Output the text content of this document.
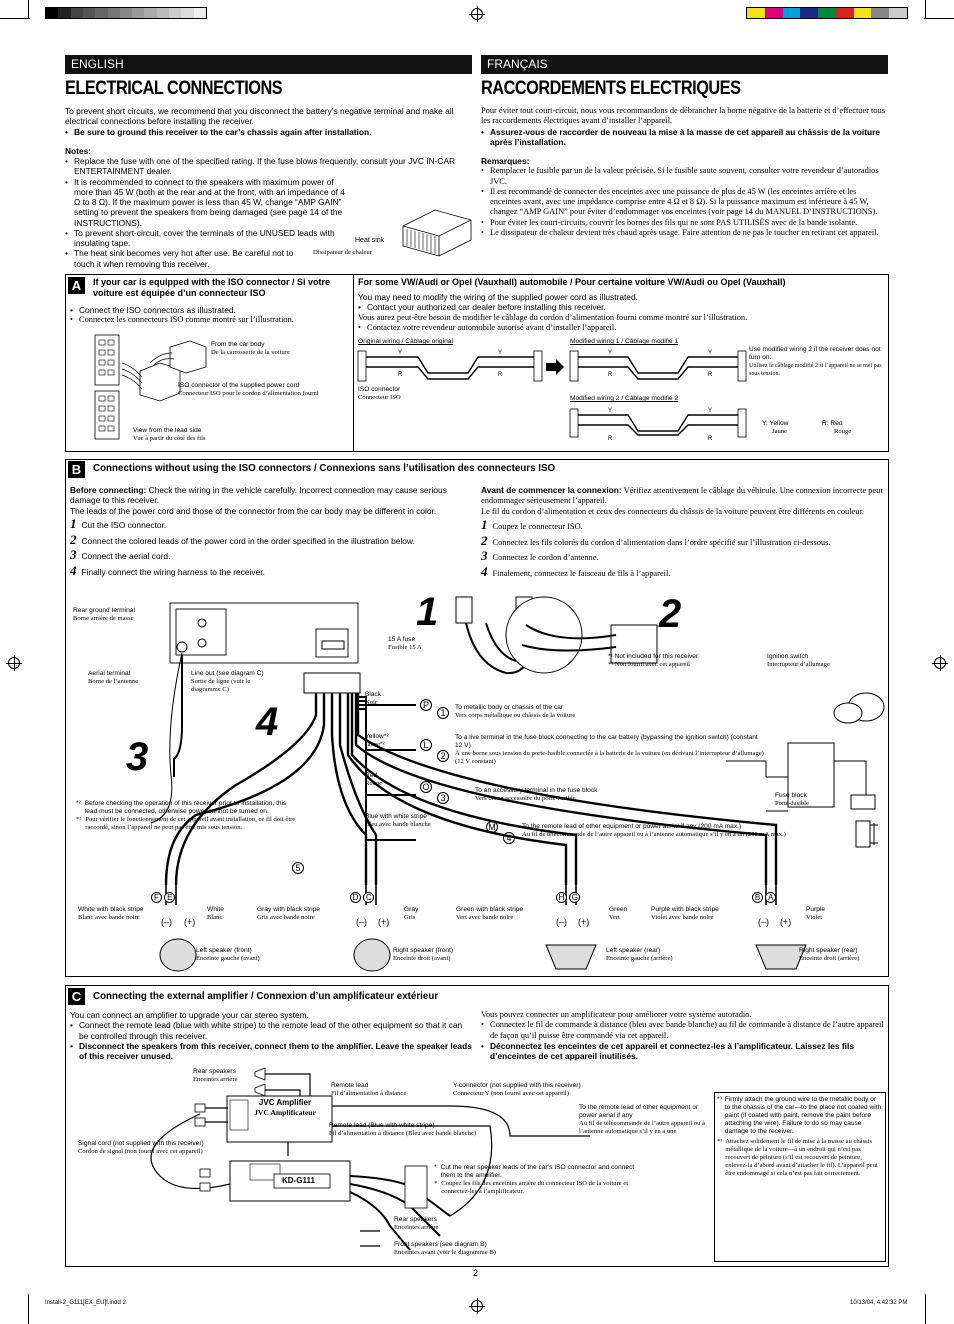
ENGLISH
ELECTRICAL CONNECTIONS
FRANÇAIS
RACCORDEMENTS ELECTRIQUES

To prevent short circuits, we recommend that you disconnect the battery’s negative terminal and make all electrical connections before installing the receiver.

• Be sure to ground this receiver to the car’s chassis again after installation.

Notes:

• Replace the fuse with one of the specified rating. If the fuse blows frequently, consult your JVC IN-CAR ENTERTAINMENT dealer.
• It is recommended to connect to the speakers with maximum power of more than 45 W (both at the rear and at the front, with an impedance of 4 Ω to 8 Ω). If the maximum power is less than 45 W, change “AMP GAIN” setting to prevent the speakers from being damaged (see page 14 of the INSTRUCTIONS).
• To prevent short-circuit, cover the terminals of the UNUSED leads with insulating tape.
• The heat sink becomes very hot after use. Be careful not to touch it when removing this receiver.
Heat sink
Dissipateur de chaleur

Pour éviter tout court-circuit, nous vous recommandons de débrancher la borne négative de la batterie et d’effectuer tous les raccordements électriques avant d’installer l’appareil.

• Assurez-vous de raccorder de nouveau la mise à la masse de cet appareil au châssis de la voiture après l’installation.

Remarques:

• Remplacer le fusible par un de la valeur précisée. Si le fusible saute souvent, consulter votre revendeur d’autoradios JVC.
• Il est recommandé de connecter des enceintes avec une puissance de plus de 45 W (les enceintes arrière et les enceintes avant, avec une impédance comprise entre 4 Ω et 8 Ω). Si la puissance maximum est inférieure à 45 W, changez “AMP GAIN” pour éviter d’endommager vos enceintes (voir page 14 du MANUEL D’INSTRUCTIONS).
• Pour éviter les court-circuits, couvrir les bornes des fils qui ne sont PAS UTILISÉS avec de la bande isolante.
• Le dissipateur de chaleur devient très chaud après usage. Faire attention de ne pas le toucher en retirant cet appareil.
A	If your car is equipped with the ISO connector / Si votre voiture est équipée d’un connecteur ISO
• Connect the ISO connectors as illustrated.
• Connectez les connecteurs ISO comme montré sur l’illustration.
From the car body
De la carrosserie de la voiture
ISO connector of the supplied power cord
Connecteur ISO pour le cordon d’alimentation fourni
View from the lead side
Vue à partir du côté des fils
For some VW/Audi or Opel (Vauxhall) automobile / Pour certaine voiture VW/Audi ou Opel (Vauxhall)

You may need to modify the wiring of the supplied power cord as illustrated.

• Contact your authorized car dealer before installing this receiver.

Vous aurez peut-être besoin de modifier le câblage du cordon d’alimentation fourni comme montré sur l’illustration.

• Contactez votre revendeur automobile autorisé avant d’installer l’appareil.
Original wiring / Câblage original	Modified wiring 1 / Câblage modifié 1
Modified wiring 2 / Câblage modifié 2
Y
R
Y
R
Y
R
Y
R
Y
R
Y
R
ISO connector
Connecteur ISO
Use modified wiring 2 if the receiver does not turn on.
Utilisez le câblage modifié 2 si l’appareil ne se met pas sous tension.
Y: Yellow
Jaune
R: Red
Rouge
B	Connections without using the ISO connectors / Connexions sans l’utilisation des connecteurs ISO

Before connecting: Check the wiring in the vehicle carefully. Incorrect connection may cause serious damage to this receiver.

The leads of the power cord and those of the connector from the car body may be different in color.

1 Cut the ISO connector.
2 Connect the colored leads of the power cord in the order specified in the illustration below.
3 Connect the aerial cord.
4 Finally connect the wiring harness to the receiver.

Avant de commencer la connexion: Vérifiez attentivement le câblage du véhicule. Une connexion incorrecte peut endommager sérieusement l’appareil.

Le fil du cordon d’alimentation et ceux des connecteurs du châssis de la voiture peuvent être différents en couleur.

1 Coupez le connecteur ISO.
2 Connectez les fils colorés du cordon d’alimentation dans l’ordre spécifié sur l’illustration ci-dessous.
3 Connectez le cordon d’antenne.
4 Finalement, connectez le faisceau de fils à l’appareil.
3
4
1	2
(–) (+)	(–) (+)	(–) (+)	(–) (+)
Rear ground terminal
Borne arrière de masse
Aerial terminal
Borne de l’antenne
Line out (see diagram C)
Sortie de ligne (voir le diagramme C)
15 A fuse
Fusible 15 A
*¹ Not included for this receiver
*¹ Non fourni avec cet appareil
Ignition switch
Interrupteur d’allumage
Black
Noir	P
1
To metallic body or chassis of the car
Vers corps métallique ou châssis de la voiture
Yellow*²
Jaune*²	L
2
To a live terminal in the fuse block connecting to the car battery (bypassing the ignition switch) (constant 12 V)
À une borne sous tension du porte-fusible connectée à la batterie de la voiture (en dérivant l’interrupteur d’allumage) (12 V constant)
Red
Rouge	O
3
To an accessory terminal in the fuse block
Vers borne accessoire du porte-fusible
Blue with white stripe
Bleu avec bande blanche	M
4
To the remote lead of other equipment or power aerial if any (200 mA max.)
Au fil de télécommande de l’autre appareil ou à l’antenne automatique s’il y en a un (200 mA max.)
5
Fuse block
Porte-fusible
*² Before checking the operation of this receiver prior to installation, this lead must be connected, otherwise power cannot be turned on.
*² Pour vérifier le fonctionnement de cet appareil avant installation, ce fil doit être raccordé, sinon l’appareil ne peut pas être mis sous tension.
F E	D C	H G	B A
White with black stripe
Blanc avec bande noire
White
Blanc
Gray with black stripe
Gris avec bande noire
Gray
Gris
Green with black stripe
Vert avec bande noire
Green
Vert
Purple with black stripe
Violet avec bande noire
Purple
Violet
Left speaker (front)
Enceinte gauche (avant)
Right speaker (front)
Enceinte droit (avant)
Left speaker (rear)
Enceinte gauche (arrière)
Right speaker (rear)
Enceinte droit (arrière)
C	Connecting the external amplifier / Connexion d’un amplificateur extérieur

You can connect an amplifier to upgrade your car stereo system.

• Connect the remote lead (blue with white stripe) to the remote lead of the other equipment so that it can be controlled through this receiver.
• Disconnect the speakers from this receiver, connect them to the amplifier. Leave the speaker leads of this receiver unused.

Vous pouvez connecter un amplificateur pour améliorer votre système autoradio.

• Connectez le fil de commande à distance (bleu avec bande blanche) au fil de commande à distance de l’autre appareil de façon qu’il puisse être commandé via cet appareil.
• Déconnectez les enceintes de cet appareil et connectez-les à l’amplificateur. Laissez les fils d’enceintes de cet appareil inutilisés.
Rear speakers
Enceintes arrière
JVC Amplifier
JVC Amplificateur
Remote lead
Fil d’alimentation à distance
Y-connector (not supplied with this receiver)
Connecteur Y (non fourni avec cet appareil)
To the remote lead of other equipment or power aerial if any
Au fil de télécommande de l’autre appareil ou à l’antenne automatique s’il y en a une
Remote lead (Blue with white stripe)
Fil d’alimentation à distance (Bleu avec bande blanche)
Signal cord (not supplied with this receiver)
Cordon de signal (non fourni avec cet appareil)
KD-G111
* Cut the rear speaker leads of the car’s ISO connector and connect them to the amplifier.
* Coupez les fils des enceintes arrière du connecteur ISO de la voiture et connectez-les à l’amplificateur.
Rear speakers
Enceintes arrière
Front speakers (see diagram B)
Enceintes avant (voir le diagramme B)
*³ Firmly attach the ground wire to the metallic body or to the chassis of the car—to the place not coated with paint (if coated with paint, remove the paint before attaching the wire). Failure to do so may cause damage to the receiver.
*³ Attachez solidement le fil de mise à la masse au châssis métallique de la voiture—à un endroit qui n’est pas recouvert de peinture (s’il est recouvert de peinture, enlevez-la d’abord avant d’attacher le fil). L’appareil peut être endommagé si cela n’est pas fait correctement.
2
Install-2_G111[EX_EU]f.indd 2	10/13/04, 4:42:32 PM
